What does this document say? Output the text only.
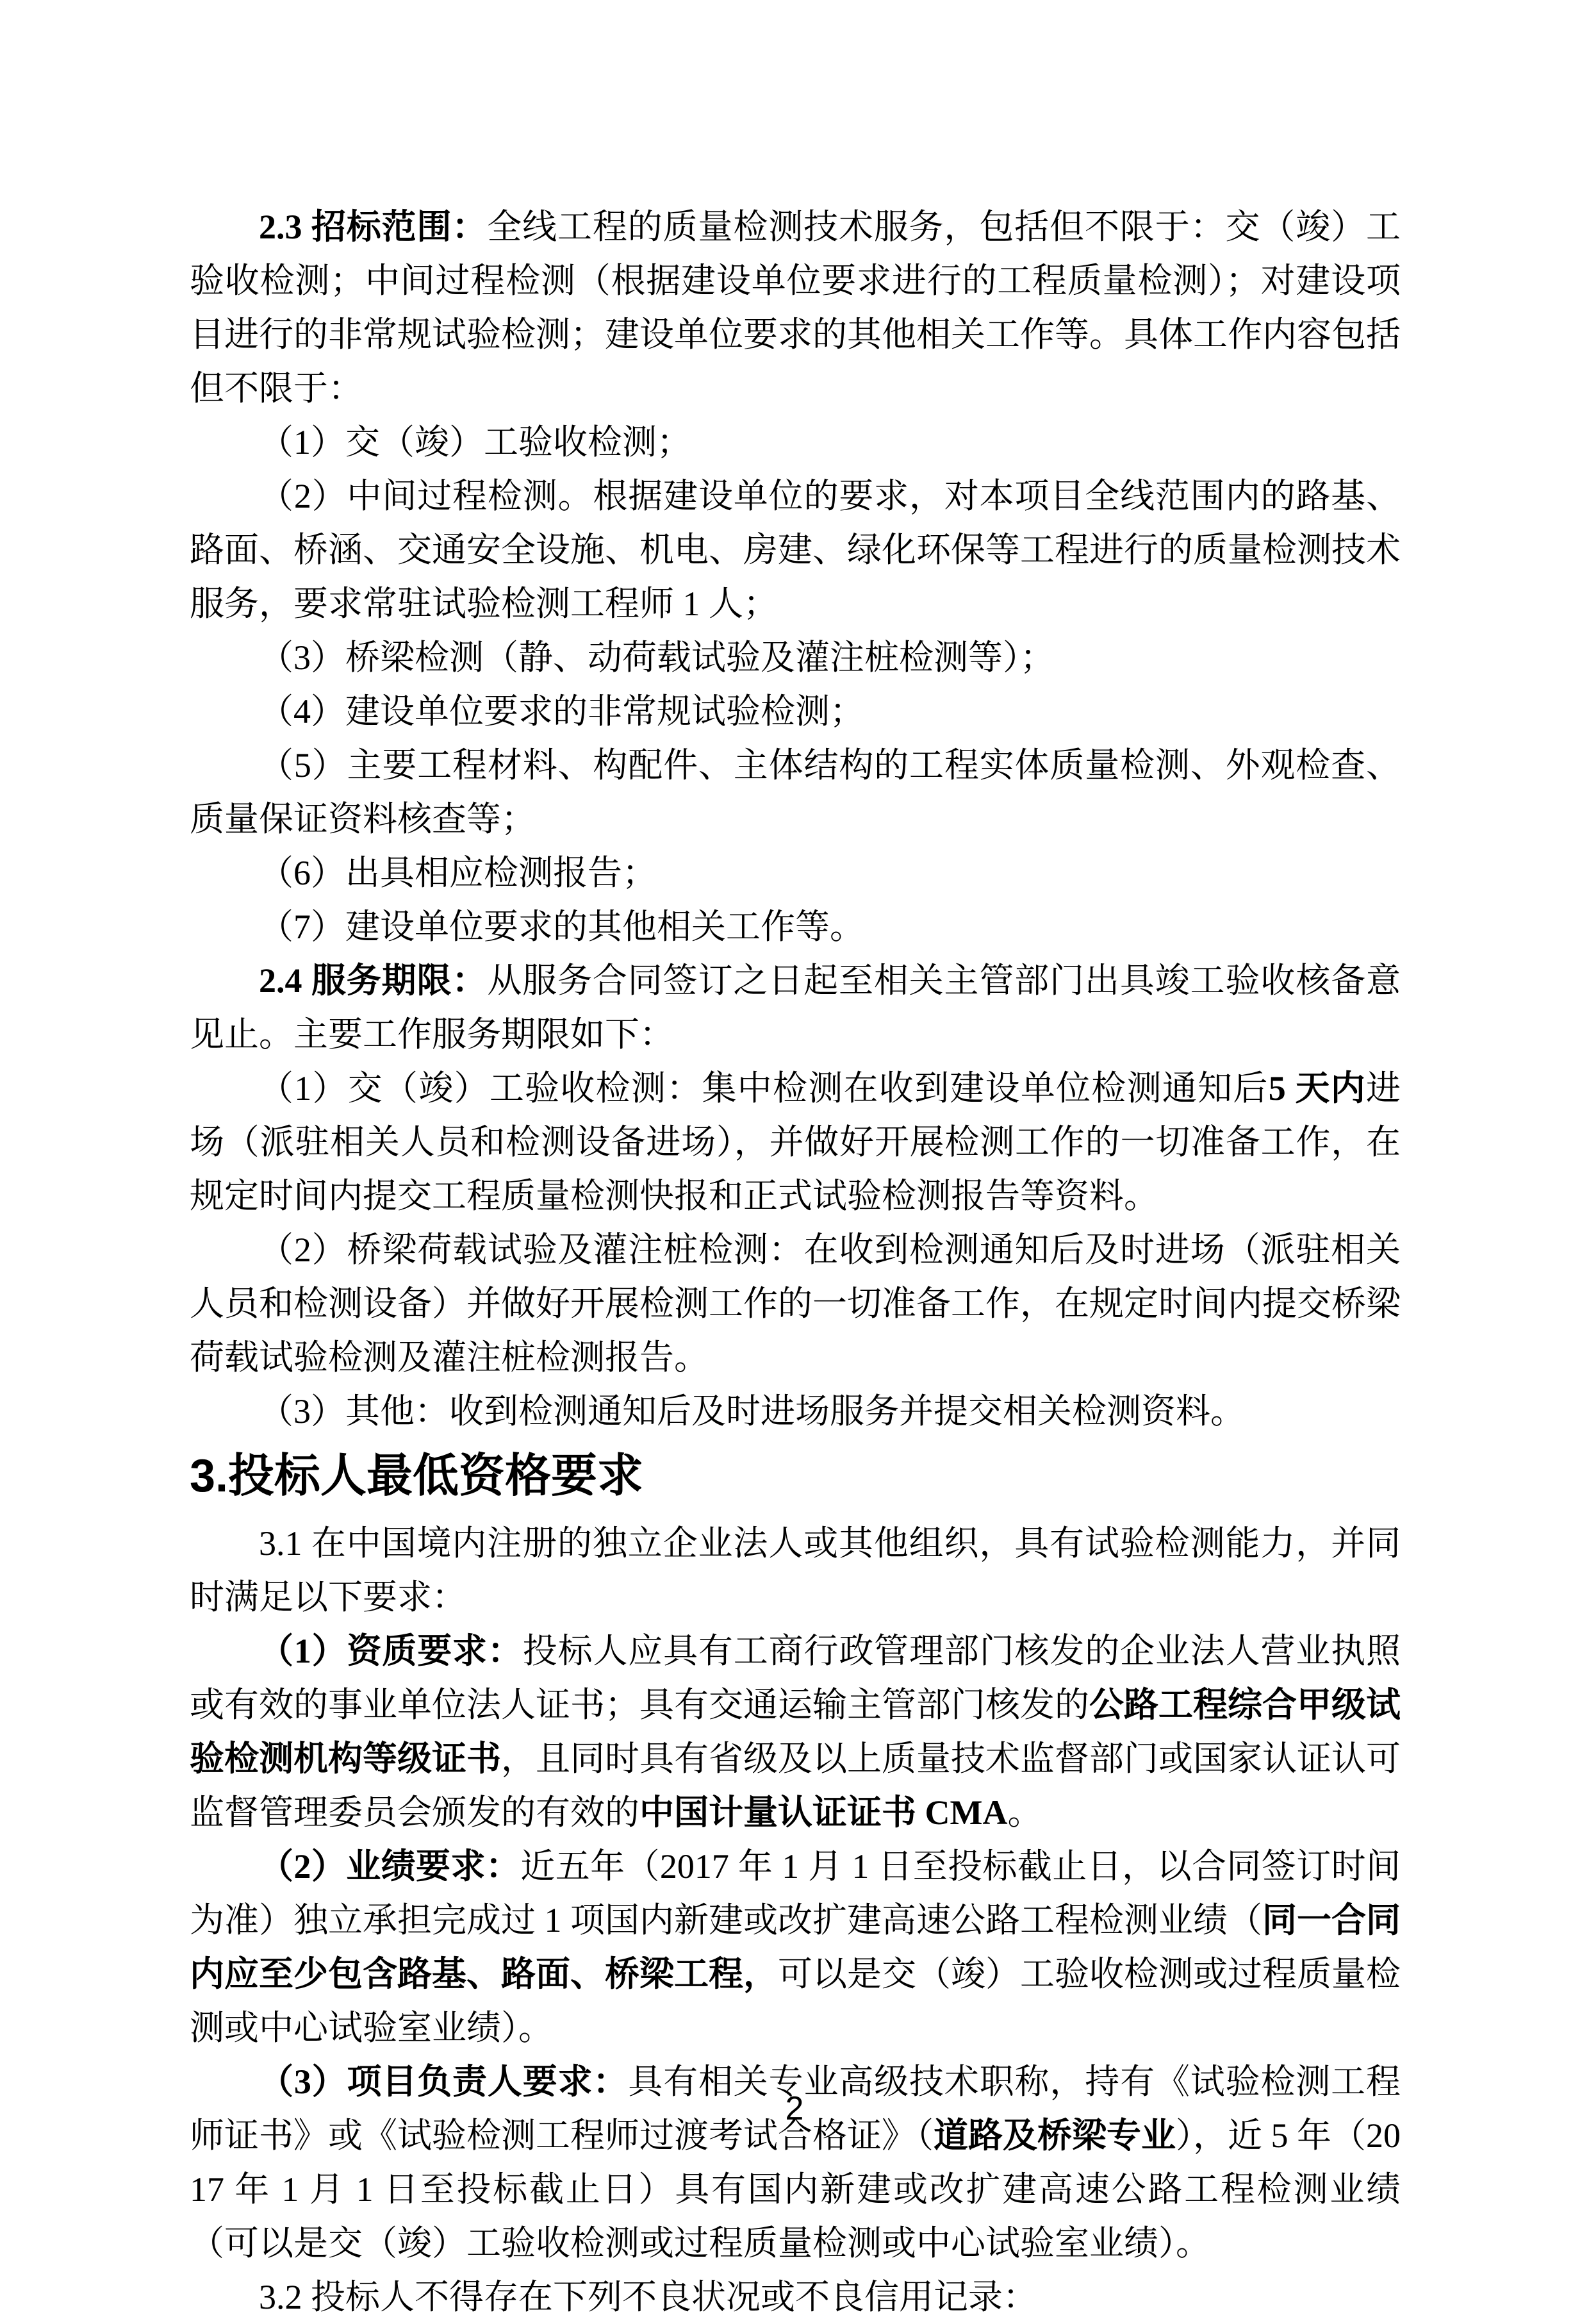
2.3 招标范围：全线工程的质量检测技术服务，包括但不限于：交（竣）工验收检测；中间过程检测（根据建设单位要求进行的工程质量检测）；对建设项目进行的非常规试验检测；建设单位要求的其他相关工作等。具体工作内容包括但不限于：

（1）交（竣）工验收检测；

（2）中间过程检测。根据建设单位的要求，对本项目全线范围内的路基、路面、桥涵、交通安全设施、机电、房建、绿化环保等工程进行的质量检测技术服务，要求常驻试验检测工程师 1 人；

（3）桥梁检测（静、动荷载试验及灌注桩检测等）；

（4）建设单位要求的非常规试验检测；

（5）主要工程材料、构配件、主体结构的工程实体质量检测、外观检查、质量保证资料核查等；

（6）出具相应检测报告；

（7）建设单位要求的其他相关工作等。

2.4 服务期限：从服务合同签订之日起至相关主管部门出具竣工验收核备意见止。主要工作服务期限如下：

（1）交（竣）工验收检测：集中检测在收到建设单位检测通知后5 天内进场（派驻相关人员和检测设备进场），并做好开展检测工作的一切准备工作，在规定时间内提交工程质量检测快报和正式试验检测报告等资料。

（2）桥梁荷载试验及灌注桩检测：在收到检测通知后及时进场（派驻相关人员和检测设备）并做好开展检测工作的一切准备工作，在规定时间内提交桥梁荷载试验检测及灌注桩检测报告。

（3）其他：收到检测通知后及时进场服务并提交相关检测资料。

3.投标人最低资格要求

3.1 在中国境内注册的独立企业法人或其他组织，具有试验检测能力，并同时满足以下要求：

（1）资质要求：投标人应具有工商行政管理部门核发的企业法人营业执照或有效的事业单位法人证书；具有交通运输主管部门核发的公路工程综合甲级试验检测机构等级证书，且同时具有省级及以上质量技术监督部门或国家认证认可监督管理委员会颁发的有效的中国计量认证证书 CMA。

（2）业绩要求：近五年（2017 年 1 月 1 日至投标截止日，以合同签订时间为准）独立承担完成过 1 项国内新建或改扩建高速公路工程检测业绩（同一合同内应至少包含路基、路面、桥梁工程，可以是交（竣）工验收检测或过程质量检测或中心试验室业绩）。

（3）项目负责人要求：具有相关专业高级技术职称，持有《试验检测工程师证书》或《试验检测工程师过渡考试合格证》（道路及桥梁专业），近 5 年（2017 年 1 月 1 日至投标截止日）具有国内新建或改扩建高速公路工程检测业绩（可以是交（竣）工验收检测或过程质量检测或中心试验室业绩）。

3.2 投标人不得存在下列不良状况或不良信用记录：

2
